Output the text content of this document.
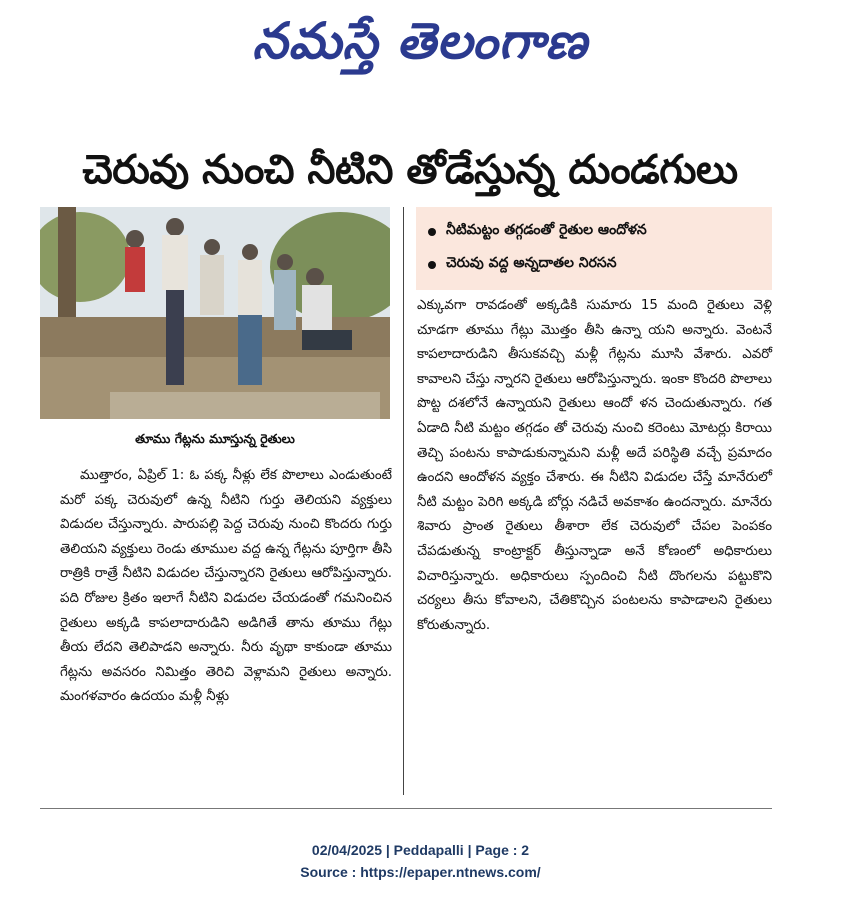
నమస్తే తెలంగాణ
చెరువు నుంచి నీటిని తోడేస్తున్న దుండగులు
తూము గేట్లను మూస్తున్న రైతులు
నీటిమట్టం తగ్గడంతో రైతుల ఆందోళన
చెరువు వద్ద అన్నదాతల నిరసన

ముత్తారం, ఏప్రిల్ 1: ఓ పక్క నీళ్లు లేక పొలాలు ఎండుతుంటే మరో పక్క చెరువులో ఉన్న నీటిని గుర్తు తెలియని వ్యక్తులు విడుదల చేస్తున్నారు. పారుపల్లి పెద్ద చెరువు నుంచి కొందరు గుర్తు తెలియని వ్యక్తులు రెండు తూముల వద్ద ఉన్న గేట్లను పూర్తిగా తీసి రాత్రికి రాత్రే నీటిని విడుదల చేస్తున్నారని రైతులు ఆరోపిస్తున్నారు. పది రోజుల క్రితం ఇలాగే నీటిని విడుదల చేయడంతో గమనించిన రైతులు అక్కడి కాపలాదారుడిని అడిగితే తాను తూము గేట్లు తీయ లేదని తెలిపాడని అన్నారు. నీరు వృథా కాకుండా తూము గేట్లను అవసరం నిమిత్తం తెరిచి వెళ్లామని రైతులు అన్నారు. మంగళవారం ఉదయం మళ్లీ నీళ్లు

ఎక్కువగా రావడంతో అక్కడికి సుమారు 15 మంది రైతులు వెళ్లి చూడగా తూము గేట్లు మొత్తం తీసి ఉన్నా యని అన్నారు. వెంటనే కాపలాదారుడిని తీసుకవచ్చి మళ్లీ గేట్లను మూసి వేశారు. ఎవరో కావాలని చేస్తు న్నారని రైతులు ఆరోపిస్తున్నారు. ఇంకా కొందరి పొలాలు పొట్ట దశలోనే ఉన్నాయని రైతులు ఆందో ళన చెందుతున్నారు. గత ఏడాది నీటి మట్టం తగ్గడం తో చెరువు నుంచి కరెంటు మోటర్లు కిరాయి తెచ్చి పంటను కాపాడుకున్నామని మళ్లీ అదే పరిస్థితి వచ్చే ప్రమాదం ఉందని ఆందోళన వ్యక్తం చేశారు. ఈ నీటిని విడుదల చేస్తే మానేరులో నీటి మట్టం పెరిగి అక్కడి బోర్లు నడిచే అవకాశం ఉందన్నారు. మానేరు శివారు ప్రాంత రైతులు తీశారా లేక చెరువులో చేపల పెంపకం చేపడుతున్న కాంట్రాక్టర్ తీస్తున్నాడా అనే కోణంలో అధికారులు విచారిస్తున్నారు. అధికారులు స్పందించి నీటి దొంగలను పట్టుకొని చర్యలు తీసు కోవాలని, చేతికొచ్చిన పంటలను కాపాడాలని రైతులు కోరుతున్నారు.

02/04/2025 | Peddapalli | Page : 2
Source : https://epaper.ntnews.com/
